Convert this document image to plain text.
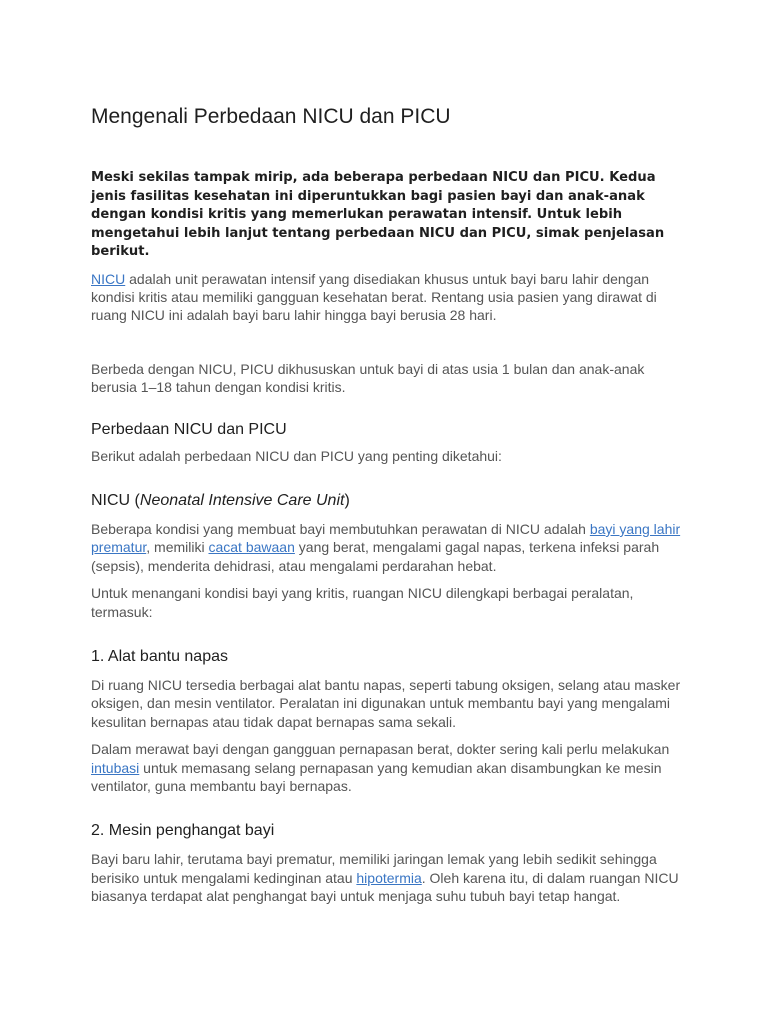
Mengenali Perbedaan NICU dan PICU

Meski sekilas tampak mirip, ada beberapa perbedaan NICU dan PICU. Kedua jenis fasilitas kesehatan ini diperuntukkan bagi pasien bayi dan anak-anak dengan kondisi kritis yang memerlukan perawatan intensif. Untuk lebih mengetahui lebih lanjut tentang perbedaan NICU dan PICU, simak penjelasan berikut.

NICU adalah unit perawatan intensif yang disediakan khusus untuk bayi baru lahir dengan kondisi kritis atau memiliki gangguan kesehatan berat. Rentang usia pasien yang dirawat di ruang NICU ini adalah bayi baru lahir hingga bayi berusia 28 hari.

Berbeda dengan NICU, PICU dikhususkan untuk bayi di atas usia 1 bulan dan anak-anak berusia 1–18 tahun dengan kondisi kritis.

Perbedaan NICU dan PICU

Berikut adalah perbedaan NICU dan PICU yang penting diketahui:

NICU (Neonatal Intensive Care Unit)

Beberapa kondisi yang membuat bayi membutuhkan perawatan di NICU adalah bayi yang lahir prematur, memiliki cacat bawaan yang berat, mengalami gagal napas, terkena infeksi parah (sepsis), menderita dehidrasi, atau mengalami perdarahan hebat.

Untuk menangani kondisi bayi yang kritis, ruangan NICU dilengkapi berbagai peralatan, termasuk:

1. Alat bantu napas

Di ruang NICU tersedia berbagai alat bantu napas, seperti tabung oksigen, selang atau masker oksigen, dan mesin ventilator. Peralatan ini digunakan untuk membantu bayi yang mengalami kesulitan bernapas atau tidak dapat bernapas sama sekali.

Dalam merawat bayi dengan gangguan pernapasan berat, dokter sering kali perlu melakukan intubasi untuk memasang selang pernapasan yang kemudian akan disambungkan ke mesin ventilator, guna membantu bayi bernapas.

2. Mesin penghangat bayi

Bayi baru lahir, terutama bayi prematur, memiliki jaringan lemak yang lebih sedikit sehingga berisiko untuk mengalami kedinginan atau hipotermia. Oleh karena itu, di dalam ruangan NICU biasanya terdapat alat penghangat bayi untuk menjaga suhu tubuh bayi tetap hangat.
